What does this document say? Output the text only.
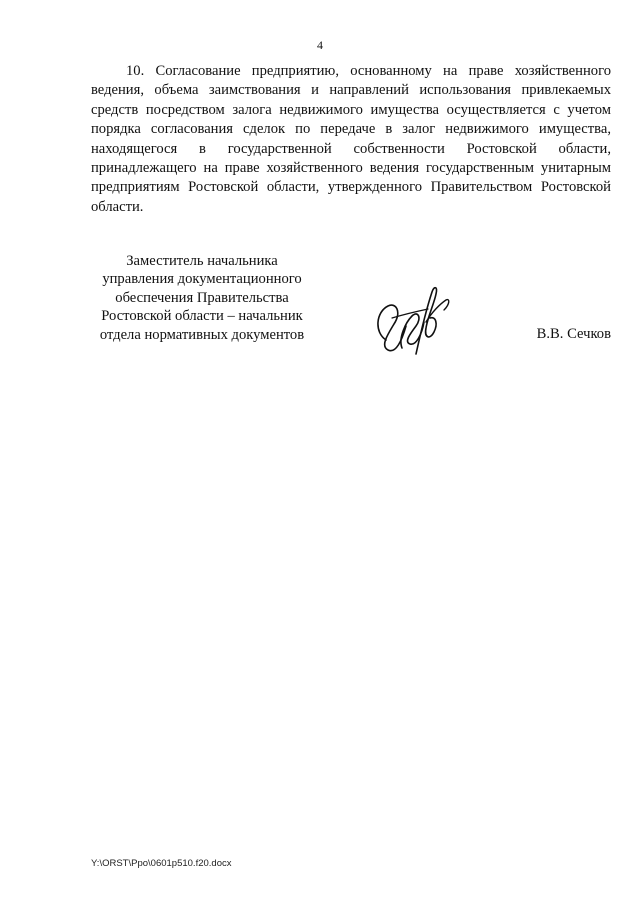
4

10. Согласование предприятию, основанному на праве хозяйственного ведения, объема заимствования и направлений использования привлекаемых средств посредством залога недвижимого имущества осуществляется с учетом порядка согласования сделок по передаче в залог недвижимого имущества, находящегося в государственной собственности Ростовской области, принадлежащего на праве хозяйственного ведения государственным унитарным предприятиям Ростовской области, утвержденного Правительством Ростовской области.

Заместитель начальника
управления документационного
обеспечения Правительства
Ростовской области – начальник
отдела нормативных документов	В.В. Сечков
Y:\ORST\Ppo\0601p510.f20.docx
